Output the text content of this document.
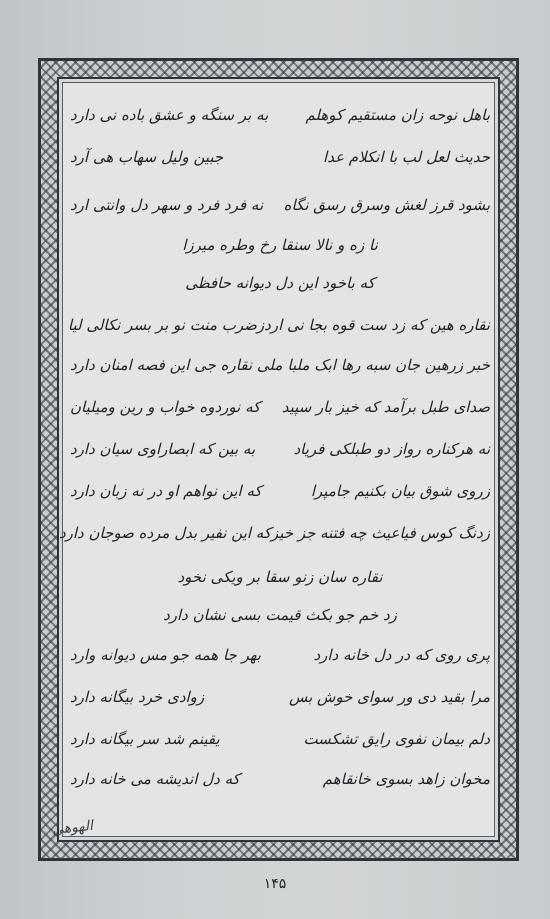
باهل نوحه زان مستقیم کوهلم
به بر سنگه و عشق باده نی دارد
حدیث لعل لب با انکلام عدا
جبین ولیل سهاب هی آرد
بشود قرز لغش وسرق رسق نگاه
نه فرد فرد و سهر دل وانتی ارد
نا زه و نالا سنقا رخ وطره میرزا
که باخود این دل دیوانه حافظی
نقاره هین که زد ست قوه بجا نی ارد
زضرب منت نو بر بسر نکالی لیا
خبر زرهین جان سبه رها ابک ملبا
ملی نقاره جی این فصه امنان دارد
صدای طبل برآمد که خیز بار سپید
که نوردوه خواب و رین ومیلیان
نه هرکناره رواز دو طبلکی فریاد
به بین که ابصاراوی سیان دارد
زروی شوق بیان بکنیم جامپرا
که این نواهم او در نه زبان دارد
زدنگ کوس فیاعیث چه فتنه جز خیز
که این نفیر بدل مرده صوجان دارد
نقاره سان زنو سقا بر ویکی نخود
زد خم جو بکث قیمت بسی نشان دارد
پری روی که در دل خانه دارد
بهر جا همه جو مس دیوانه وارد
مرا بقید دی ور سوای خوش بس
زوادی خرد بیگانه دارد
دلم بیمان نفوی رایق تشکست
یقینم شد سر بیگانه دارد
مخوان زاهد بسوی خانقاهم
که دل اندیشه می خانه دارد
الهوهی
۱۴۵
